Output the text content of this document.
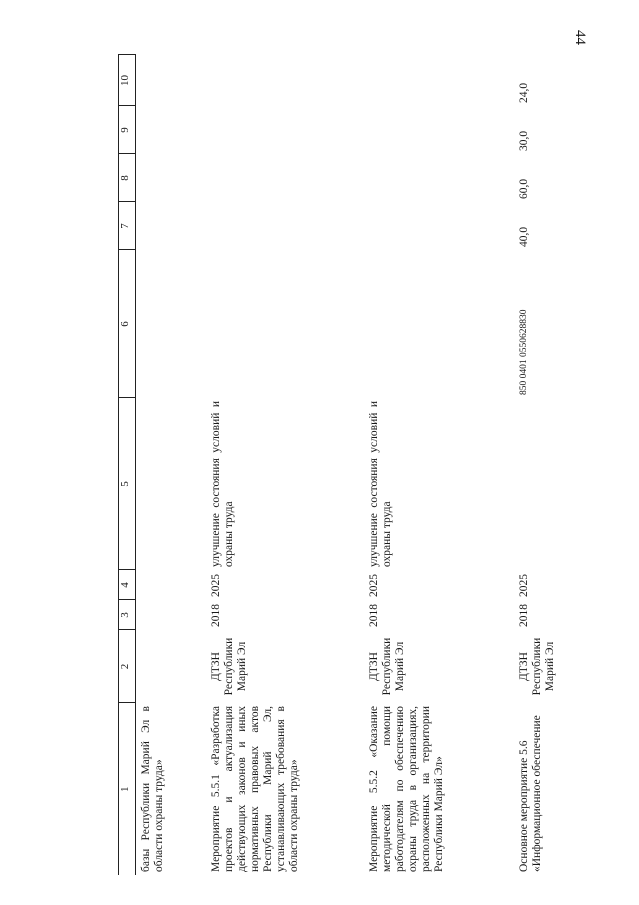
44
1	2	3	4	5	6	7	8	9	10
базы Республики Марий Эл в области охраны труда»									
Мероприятие 5.5.1 «Разработка проектов и актуализация действующих законов и иных нормативных правовых актов Республики Марий Эл, устанавливающих требования в области охраны труда»	ДТЗН Республики Марий Эл	2018	2025	улучшение состояния условий и охраны труда					
Мероприятие 5.5.2 «Оказание методической помощи работодателям по обеспечению охраны труда в организациях, расположенных на территории Республики Марий Эл»	ДТЗН Республики Марий Эл	2018	2025	улучшение состояния условий и охраны труда					
Основное мероприятие 5.6 «Информационное обеспечение	ДТЗН Республики Марий Эл	2018	2025		850 0401 0550628830	40,0	60,0	30,0	24,0
